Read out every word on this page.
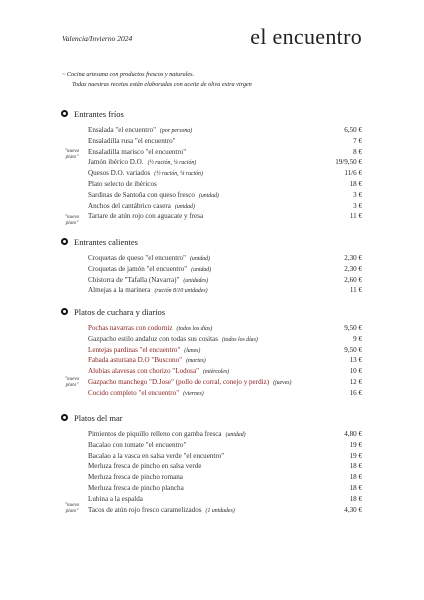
Valencia/Invierno 2024	el encuentro
~ Cocina artesana con productos frescos y naturales.
Todas nuestras recetas están elaboradas con aceite de oliva extra virgen
Entrantes fríos
Ensalada "el encuentro" (por persona)	6,50 €
Ensaladilla rusa "el encuentro"	7 €
Ensaladilla marisco "el encuentro"	8 €
Jamón ibérico D.O. (½ ración, ¼ ración)	19/9,50 €
Quesos D.O. variados (½ ración, ¼ ración)	11/6 €
Plato selecto de ibéricos	18 €
Sardinas de Santoña con queso fresco (unidad)	3 €
Anchos del cantábrico casera (unidad)	3 €
Tartare de atún rojo con aguacate y fresa	11 €
"nuevo plato"
"nuevo plato"
Entrantes calientes
Croquetas de queso "el encuentro" (unidad)	2,30 €
Croquetas de jamón "el encuentro" (unidad)	2,30 €
Chistorra de "Tafalla (Navarra)" (unidades)	2,60 €
Almejas a la marinera (ración 8/10 unidades)	11 €
Platos de cuchara y diarios
Pochas navarras con codorniz (todos los días)	9,50 €
Gazpacho estilo andaluz con todas sus cositas (todos los días)	9 €
Lentejas pardinas "el encuentro" (lunes)	9,50 €
Fabada asturiana D.O "Buscono" (martes)	13 €
Alubias alavesas con chorizo "Lodosa" (miércoles)	10 €
Gazpacho manchego "D.Jose" (pollo de corral, conejo y perdiz) (jueves)	12 €
Cocido completo "el encuentro" (viernes)	16 €
"nuevo plato"
Platos del mar
Pimientos de piquillo relleno con gamba fresca (unidad)	4,80 €
Bacalao con tomate "el encuentro"	19 €
Bacalao a la vasca en salsa verde "el encuentro"	19 €
Merluza fresca de pincho en salsa verde	18 €
Merluza fresca de pincho romana	18 €
Merluza fresca de pincho plancha	18 €
Lubina a la espalda	18 €
Tacos de atún rojo fresco caramelizados (1 unidades)	4,30 €
"nuevo plato"
